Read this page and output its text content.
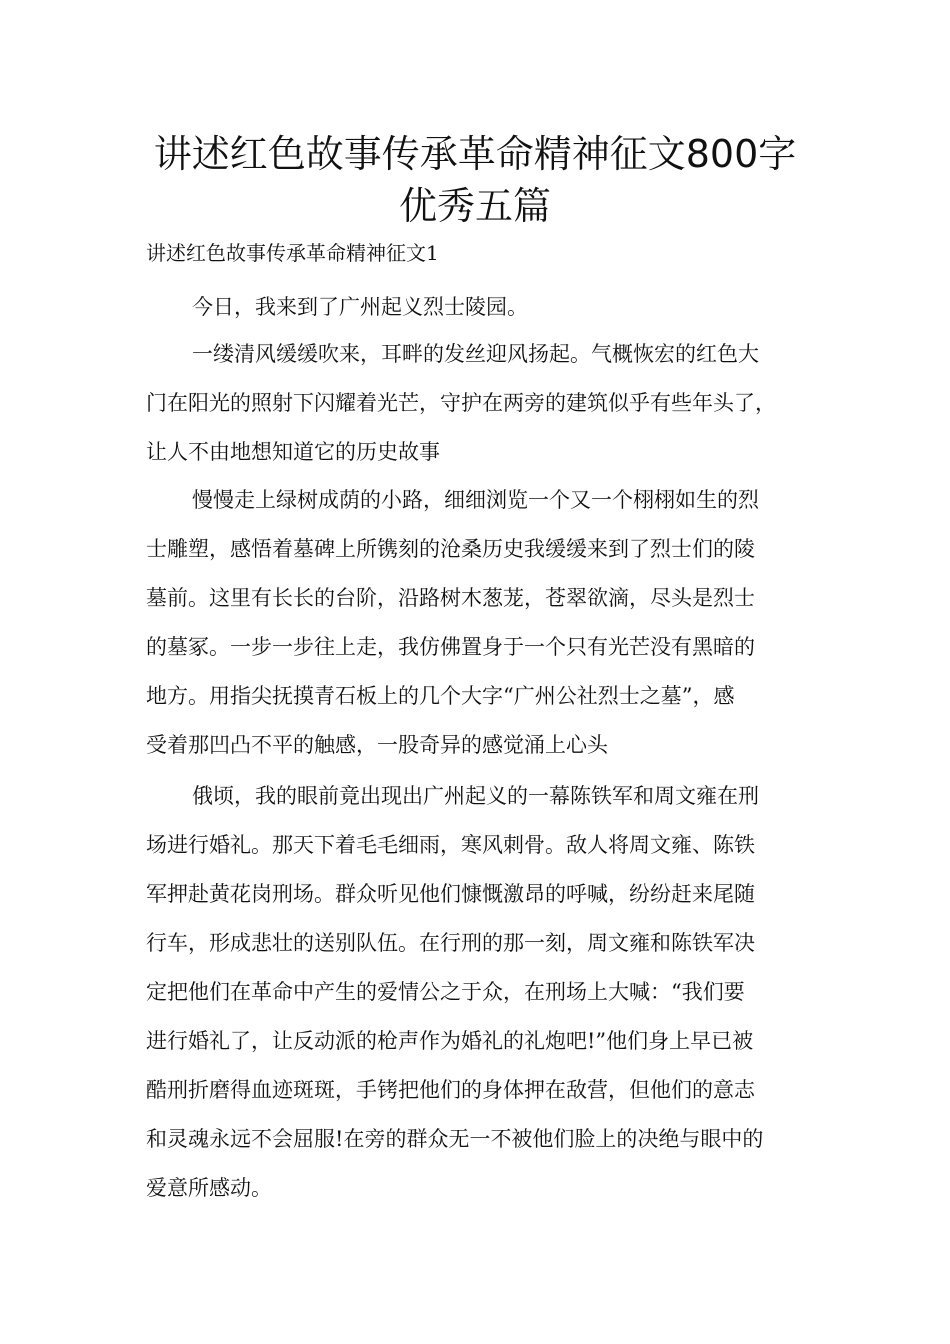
讲述红色故事传承革命精神征文800字
优秀五篇

讲述红色故事传承革命精神征文1

今日，我来到了广州起义烈士陵园。

一缕清风缓缓吹来，耳畔的发丝迎风扬起。气概恢宏的红色大
门在阳光的照射下闪耀着光芒，守护在两旁的建筑似乎有些年头了，
让人不由地想知道它的历史故事

慢慢走上绿树成荫的小路，细细浏览一个又一个栩栩如生的烈
士雕塑，感悟着墓碑上所镌刻的沧桑历史我缓缓来到了烈士们的陵
墓前。这里有长长的台阶，沿路树木葱茏，苍翠欲滴，尽头是烈士
的墓冢。一步一步往上走，我仿佛置身于一个只有光芒没有黑暗的
地方。用指尖抚摸青石板上的几个大字“广州公社烈士之墓”，感
受着那凹凸不平的触感，一股奇异的感觉涌上心头

俄顷，我的眼前竟出现出广州起义的一幕陈铁军和周文雍在刑
场进行婚礼。那天下着毛毛细雨，寒风刺骨。敌人将周文雍、陈铁
军押赴黄花岗刑场。群众听见他们慷慨激昂的呼喊，纷纷赶来尾随
行车，形成悲壮的送别队伍。在行刑的那一刻，周文雍和陈铁军决
定把他们在革命中产生的爱情公之于众，在刑场上大喊：“我们要
进行婚礼了，让反动派的枪声作为婚礼的礼炮吧!”他们身上早已被
酷刑折磨得血迹斑斑，手铐把他们的身体押在敌营，但他们的意志
和灵魂永远不会屈服!在旁的群众无一不被他们脸上的决绝与眼中的
爱意所感动。
